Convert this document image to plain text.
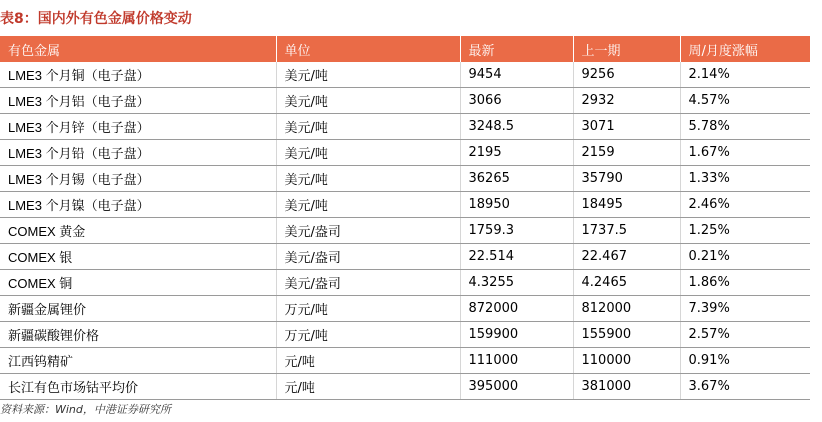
表8：国内外有色金属价格变动
有色金属	单位	最新	上一期	周/月度涨幅
LME3 个月铜（电子盘）	美元/吨	9454	9256	2.14%
LME3 个月铝（电子盘）	美元/吨	3066	2932	4.57%
LME3 个月锌（电子盘）	美元/吨	3248.5	3071	5.78%
LME3 个月铅（电子盘）	美元/吨	2195	2159	1.67%
LME3 个月锡（电子盘）	美元/吨	36265	35790	1.33%
LME3 个月镍（电子盘）	美元/吨	18950	18495	2.46%
COMEX 黄金	美元/盎司	1759.3	1737.5	1.25%
COMEX 银	美元/盎司	22.514	22.467	0.21%
COMEX 铜	美元/盎司	4.3255	4.2465	1.86%
新疆金属锂价	万元/吨	872000	812000	7.39%
新疆碳酸锂价格	万元/吨	159900	155900	2.57%
江西钨精矿	元/吨	111000	110000	0.91%
长江有色市场钴平均价	元/吨	395000	381000	3.67%
资料来源：Wind，中港证券研究所
